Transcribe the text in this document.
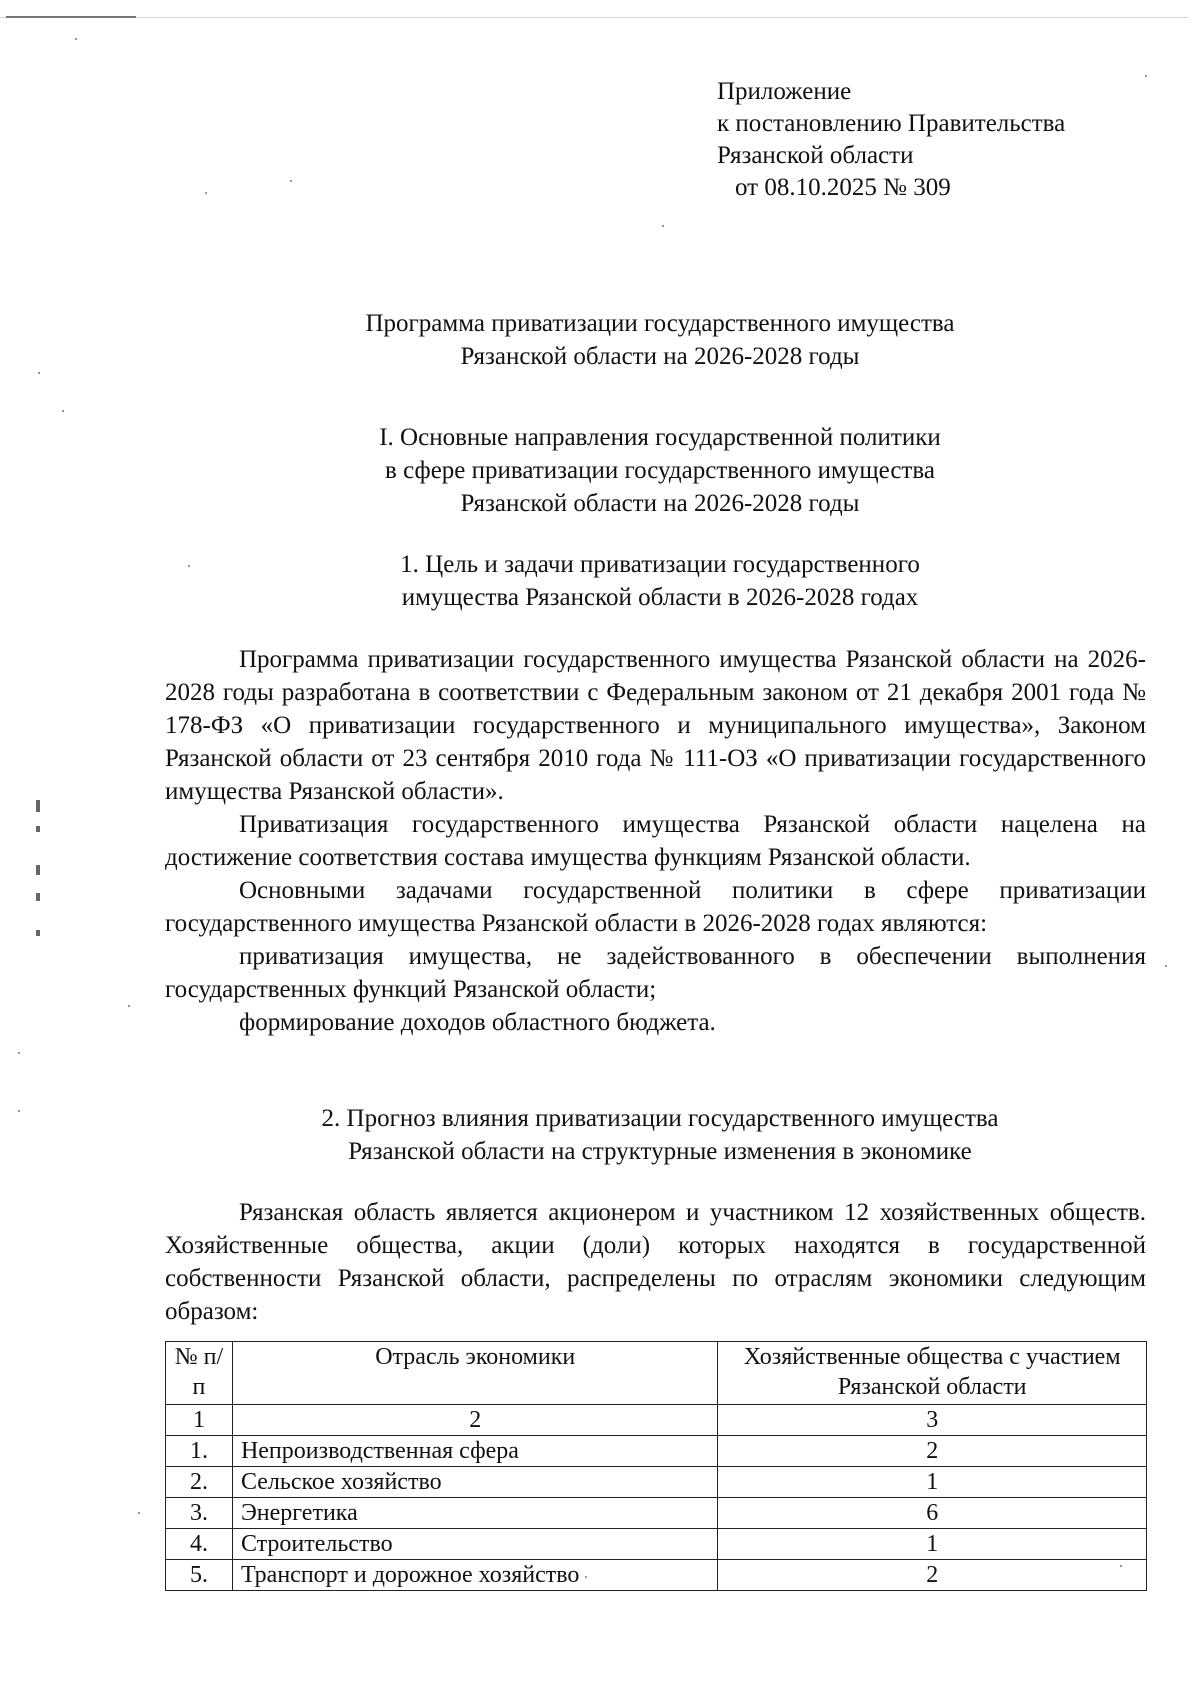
Приложение
к постановлению Правительства
Рязанской области
от 08.10.2025 № 309
Программа приватизации государственного имущества
Рязанской области на 2026-2028 годы
I. Основные направления государственной политики
в сфере приватизации государственного имущества
Рязанской области на 2026-2028 годы
1. Цель и задачи приватизации государственного
имущества Рязанской области в 2026-2028 годах

Программа приватизации государственного имущества Рязанской области на 2026-2028 годы разработана в соответствии с Федеральным законом от 21 декабря 2001 года № 178-ФЗ «О приватизации государственного и муниципального имущества», Законом Рязанской области от 23 сентября 2010 года № 111-ОЗ «О приватизации государственного имущества Рязанской области».

Приватизация государственного имущества Рязанской области нацелена на достижение соответствия состава имущества функциям Рязанской области.

Основными задачами государственной политики в сфере приватизации государственного имущества Рязанской области в 2026-2028 годах являются:

приватизация имущества, не задействованного в обеспечении выполнения государственных функций Рязанской области;

формирование доходов областного бюджета.

2. Прогноз влияния приватизации государственного имущества
Рязанской области на структурные изменения в экономике

Рязанская область является акционером и участником 12 хозяйственных обществ. Хозяйственные общества, акции (доли) которых находятся в государственной собственности Рязанской области, распределены по отраслям экономики следующим образом:

№ п/п	Отрасль экономики	Хозяйственные общества с участием Рязанской области
1	2	3
1.	Непроизводственная сфера	2
2.	Сельское хозяйство	1
3.	Энергетика	6
4.	Строительство	1
5.	Транспорт и дорожное хозяйство	2
